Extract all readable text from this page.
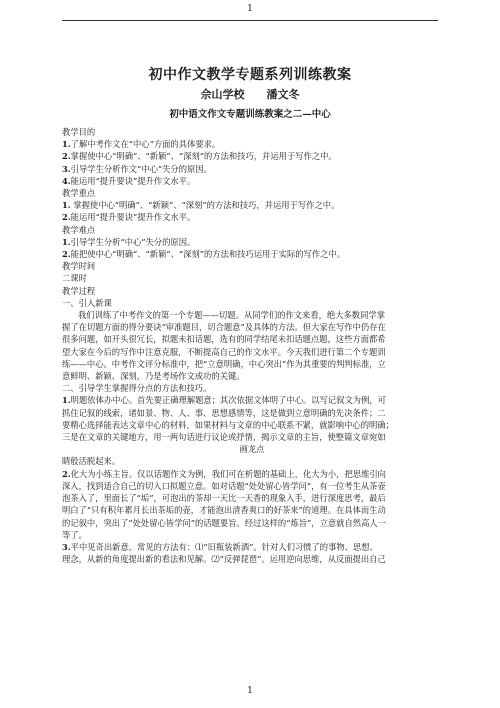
1
初中作文教学专题系列训练教案
佘山学校 潘文冬
初中语文作文专题训练教案之二—中心
教学目的
1.了解中考作文在“中心”方面的具体要求。
2.掌握使中心“明确”、“新颖”、“深刻”的方法和技巧，并运用于写作之中。
3.引导学生分析作文“中心”失分的原因。
4.能运用“提升要诀”提升作文水平。
教学重点
1. 掌握使中心“明确”、“新颖”、“深刻”的方法和技巧，并运用于写作之中。
2.能运用“提升要诀”提升作文水平。
教学难点
1.引导学生分析“中心”失分的原因。
2.能把使中心“明确”、“新颖”、“深刻”的方法和技巧运用于实际的写作之中。
教学时间
二课时
教学过程
一、引入新课
我们训练了中考作文的第一个专题——切题。从同学们的作文来看，绝大多数同学掌
握了在切题方面的得分要诀“审准题目，切合题意”及具体的方法。但大家在写作中仍存在
很多问题，如开头很冗长，拟题未扣话题，选有的同学结尾未扣话题点题，这些方面都希
望大家在今后的写作中注意克服，不断提高自己的作文水平。今天我们进行第二个专题训
练——中心。中考作文评分标准中，把“立意明确，中心突出”作为其重要的判判标准，立
意鲜明、新颖、深刻，乃是考场作文成功的关键。
二、引导学生掌握得分点的方法和技巧。
1.明题依体办中心。首先要正确理解题意；其次依据文体明了中心。以写记叙文为例，可
抓住记叙的线索，诸如景、物、人、事、思想感情等，这是做到立意明确的先决条件；二
要精心选择能表达文章中心的材料，如果材料与文章的中心联系不紧，就影响中心的明确；
三是在文章的关键地方，用一两句话进行议论或抒情，揭示文章的主旨，使整篇文章宛如
画龙点
睛般活脱起来。
2.化大为小练主旨。仅以话题作文为例，我们可在析题的基础上，化大为小，把思维引向
深入，找到适合自己的切入口拟题立意。如对话题“处处留心皆学问”，有一位考生从茶壶
泡茶入了，里面长了“垢”，可泡出的茶却一天比一天香的现象入手，进行深度思考，最后
明白了“只有积年累月长出茶垢的壶，才能泡出清香爽口的好茶来”的道理。在具体而生动
的记叙中，突出了“处处留心皆学问”的话题要旨。经过这样的“炼旨”，立意就自然高人一
等了。
3.平中见奇出新意。常见的方法有：⑴“旧瓶装新酒”。针对人们习惯了的事物、思想、
理念，从新的角度提出新的看法和见解。⑵“反弹琵琶”。运用逆向思维，从反面提出自己
1
